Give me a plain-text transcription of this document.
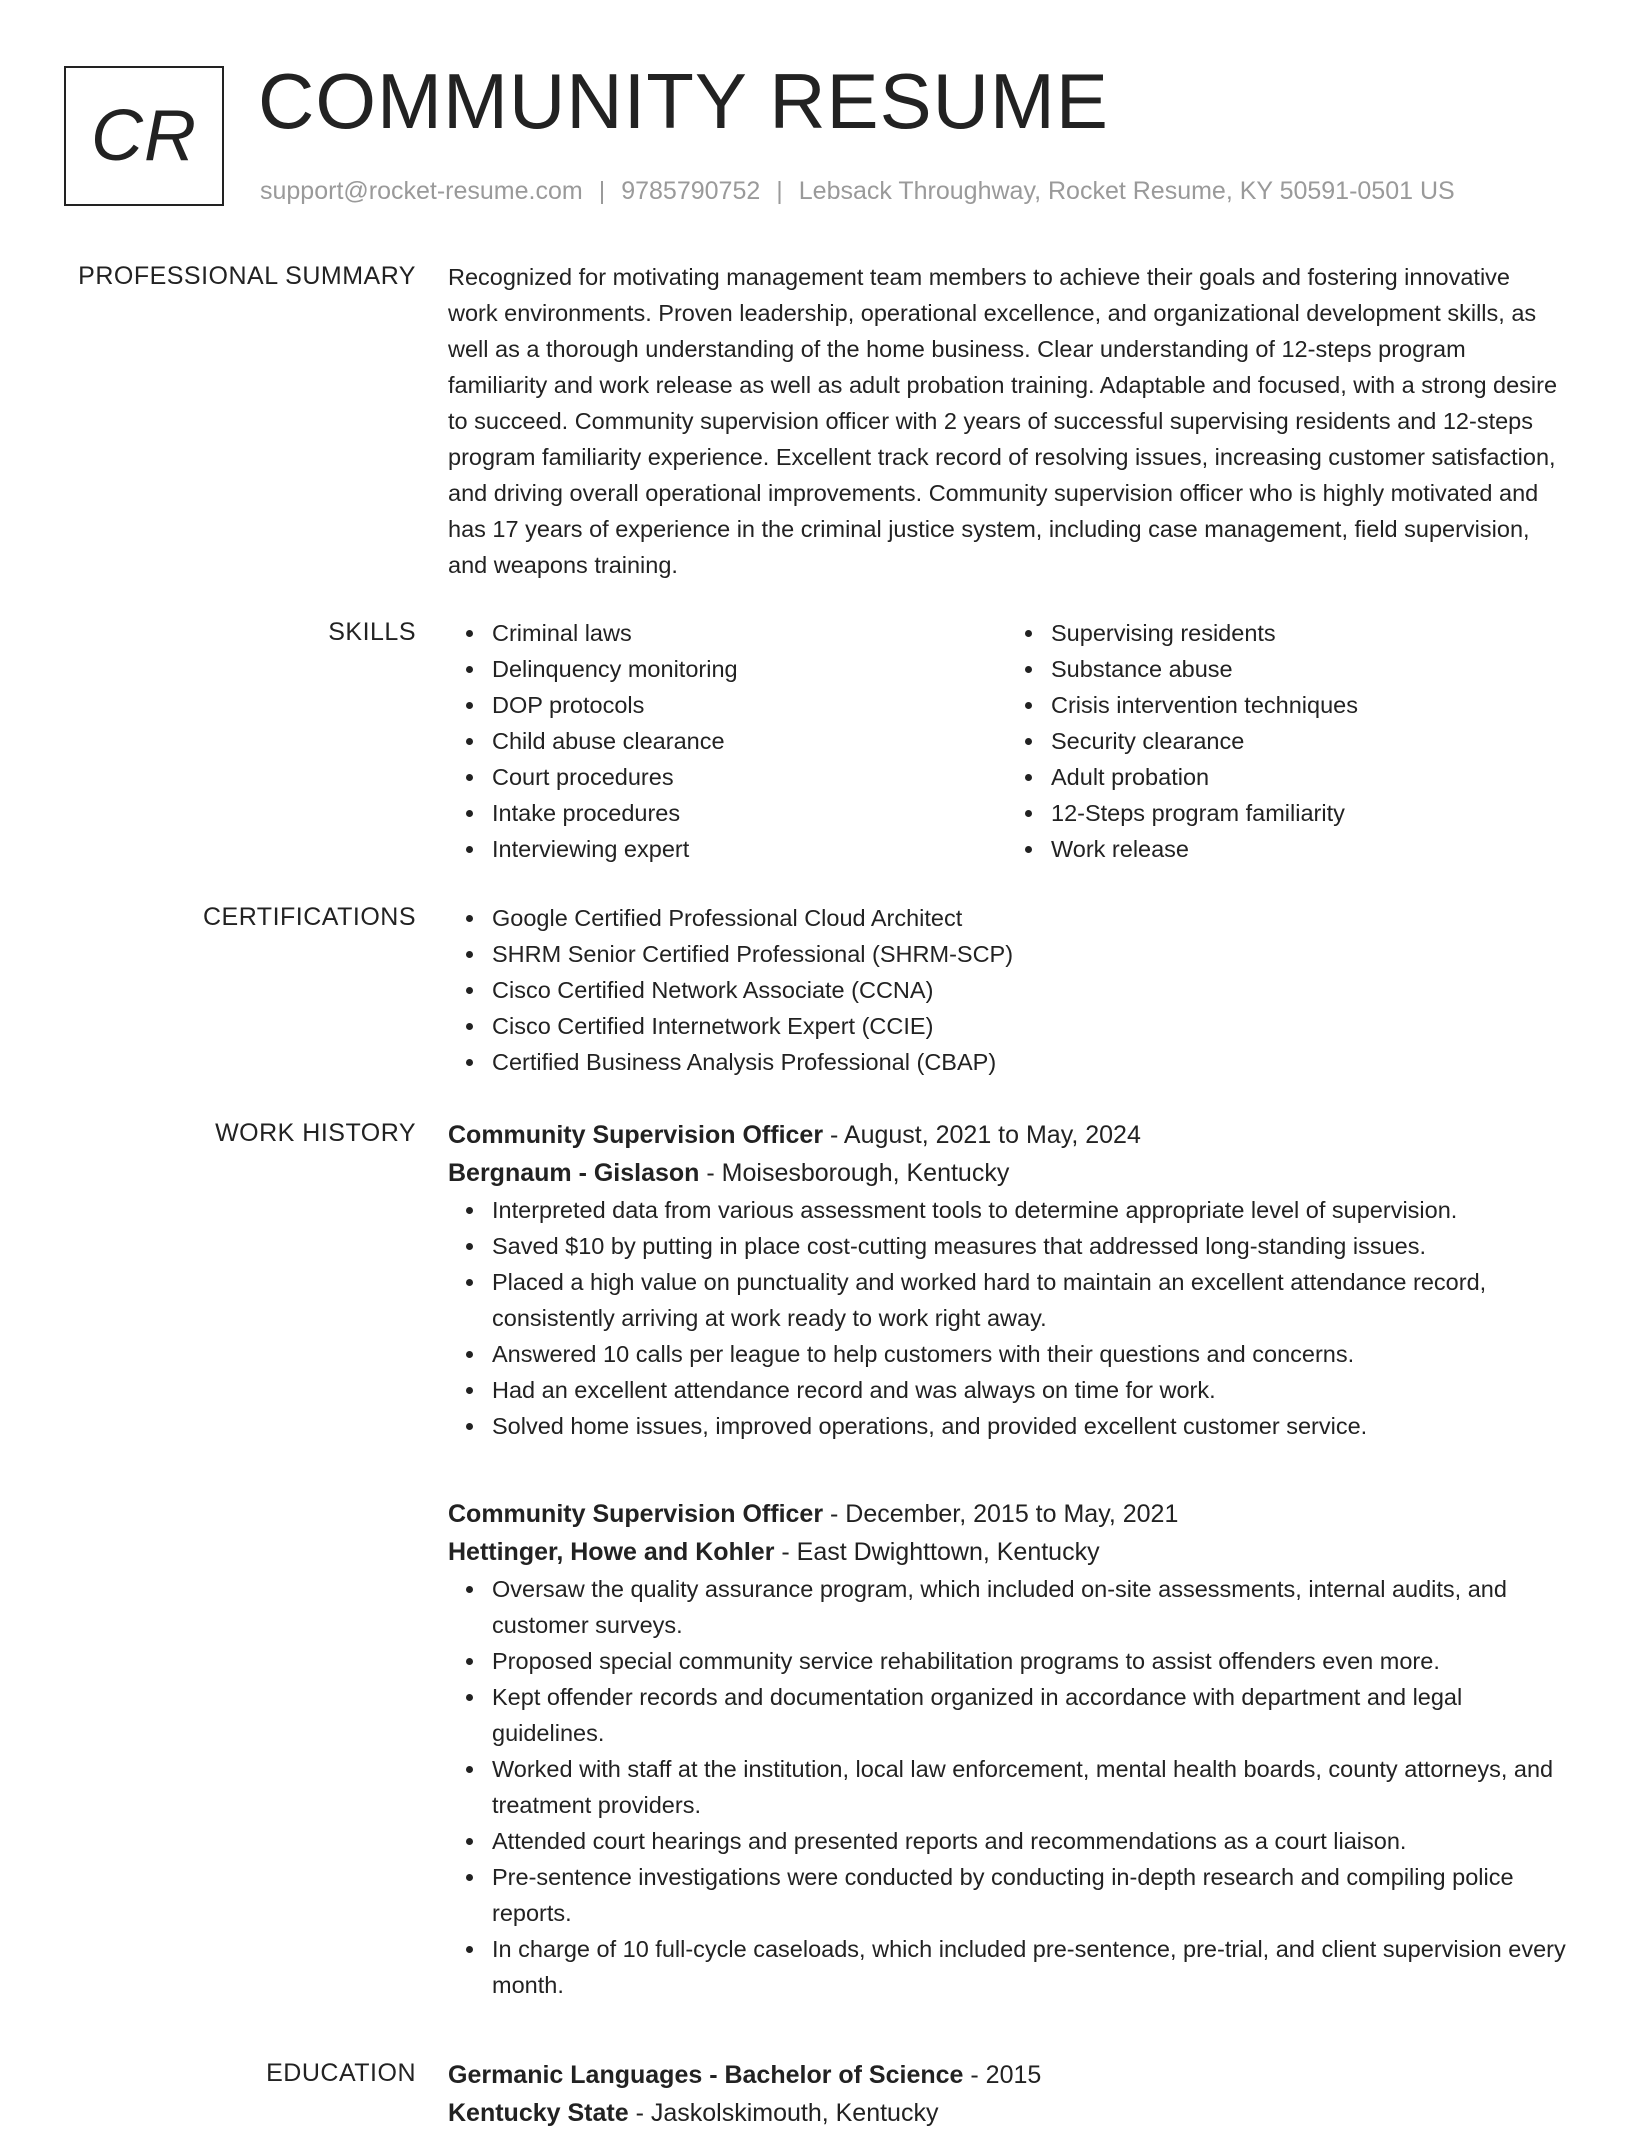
CR COMMUNITY RESUME
support@rocket-resume.com | 9785790752 | Lebsack Throughway, Rocket Resume, KY 50591-0501 US
PROFESSIONAL SUMMARY Recognized for motivating management team members to achieve their goals and fostering innovative work environments. Proven leadership, operational excellence, and organizational development skills, as well as a thorough understanding of the home business. Clear understanding of 12-steps program familiarity and work release as well as adult probation training. Adaptable and focused, with a strong desire to succeed. Community supervision officer with 2 years of successful supervising residents and 12-steps program familiarity experience. Excellent track record of resolving issues, increasing customer satisfaction, and driving overall operational improvements. Community supervision officer who is highly motivated and has 17 years of experience in the criminal justice system, including case management, field supervision, and weapons training.

SKILLS	Criminal laws
Delinquency monitoring
DOP protocols
Child abuse clearance
Court procedures
Intake procedures
Interviewing expert
Supervising residents
Substance abuse
Crisis intervention techniques
Security clearance
Adult probation
12-Steps program familiarity
Work release
CERTIFICATIONS	Google Certified Professional Cloud Architect
SHRM Senior Certified Professional (SHRM-SCP)
Cisco Certified Network Associate (CCNA)
Cisco Certified Internetwork Expert (CCIE)
Certified Business Analysis Professional (CBAP)
WORK HISTORY Community Supervision Officer - August, 2021 to May, 2024
Bergnaum - Gislason - Moisesborough, Kentucky
Interpreted data from various assessment tools to determine appropriate level of supervision.
Saved $10 by putting in place cost-cutting measures that addressed long-standing issues.
Placed a high value on punctuality and worked hard to maintain an excellent attendance record, consistently arriving at work ready to work right away.
Answered 10 calls per league to help customers with their questions and concerns.
Had an excellent attendance record and was always on time for work.
Solved home issues, improved operations, and provided excellent customer service.
Community Supervision Officer - December, 2015 to May, 2021
Hettinger, Howe and Kohler - East Dwighttown, Kentucky
Oversaw the quality assurance program, which included on-site assessments, internal audits, and customer surveys.
Proposed special community service rehabilitation programs to assist offenders even more.
Kept offender records and documentation organized in accordance with department and legal guidelines.
Worked with staff at the institution, local law enforcement, mental health boards, county attorneys, and treatment providers.
Attended court hearings and presented reports and recommendations as a court liaison.
Pre-sentence investigations were conducted by conducting in-depth research and compiling police reports.
In charge of 10 full-cycle caseloads, which included pre-sentence, pre-trial, and client supervision every month.
EDUCATION Germanic Languages - Bachelor of Science - 2015
Kentucky State - Jaskolskimouth, Kentucky
